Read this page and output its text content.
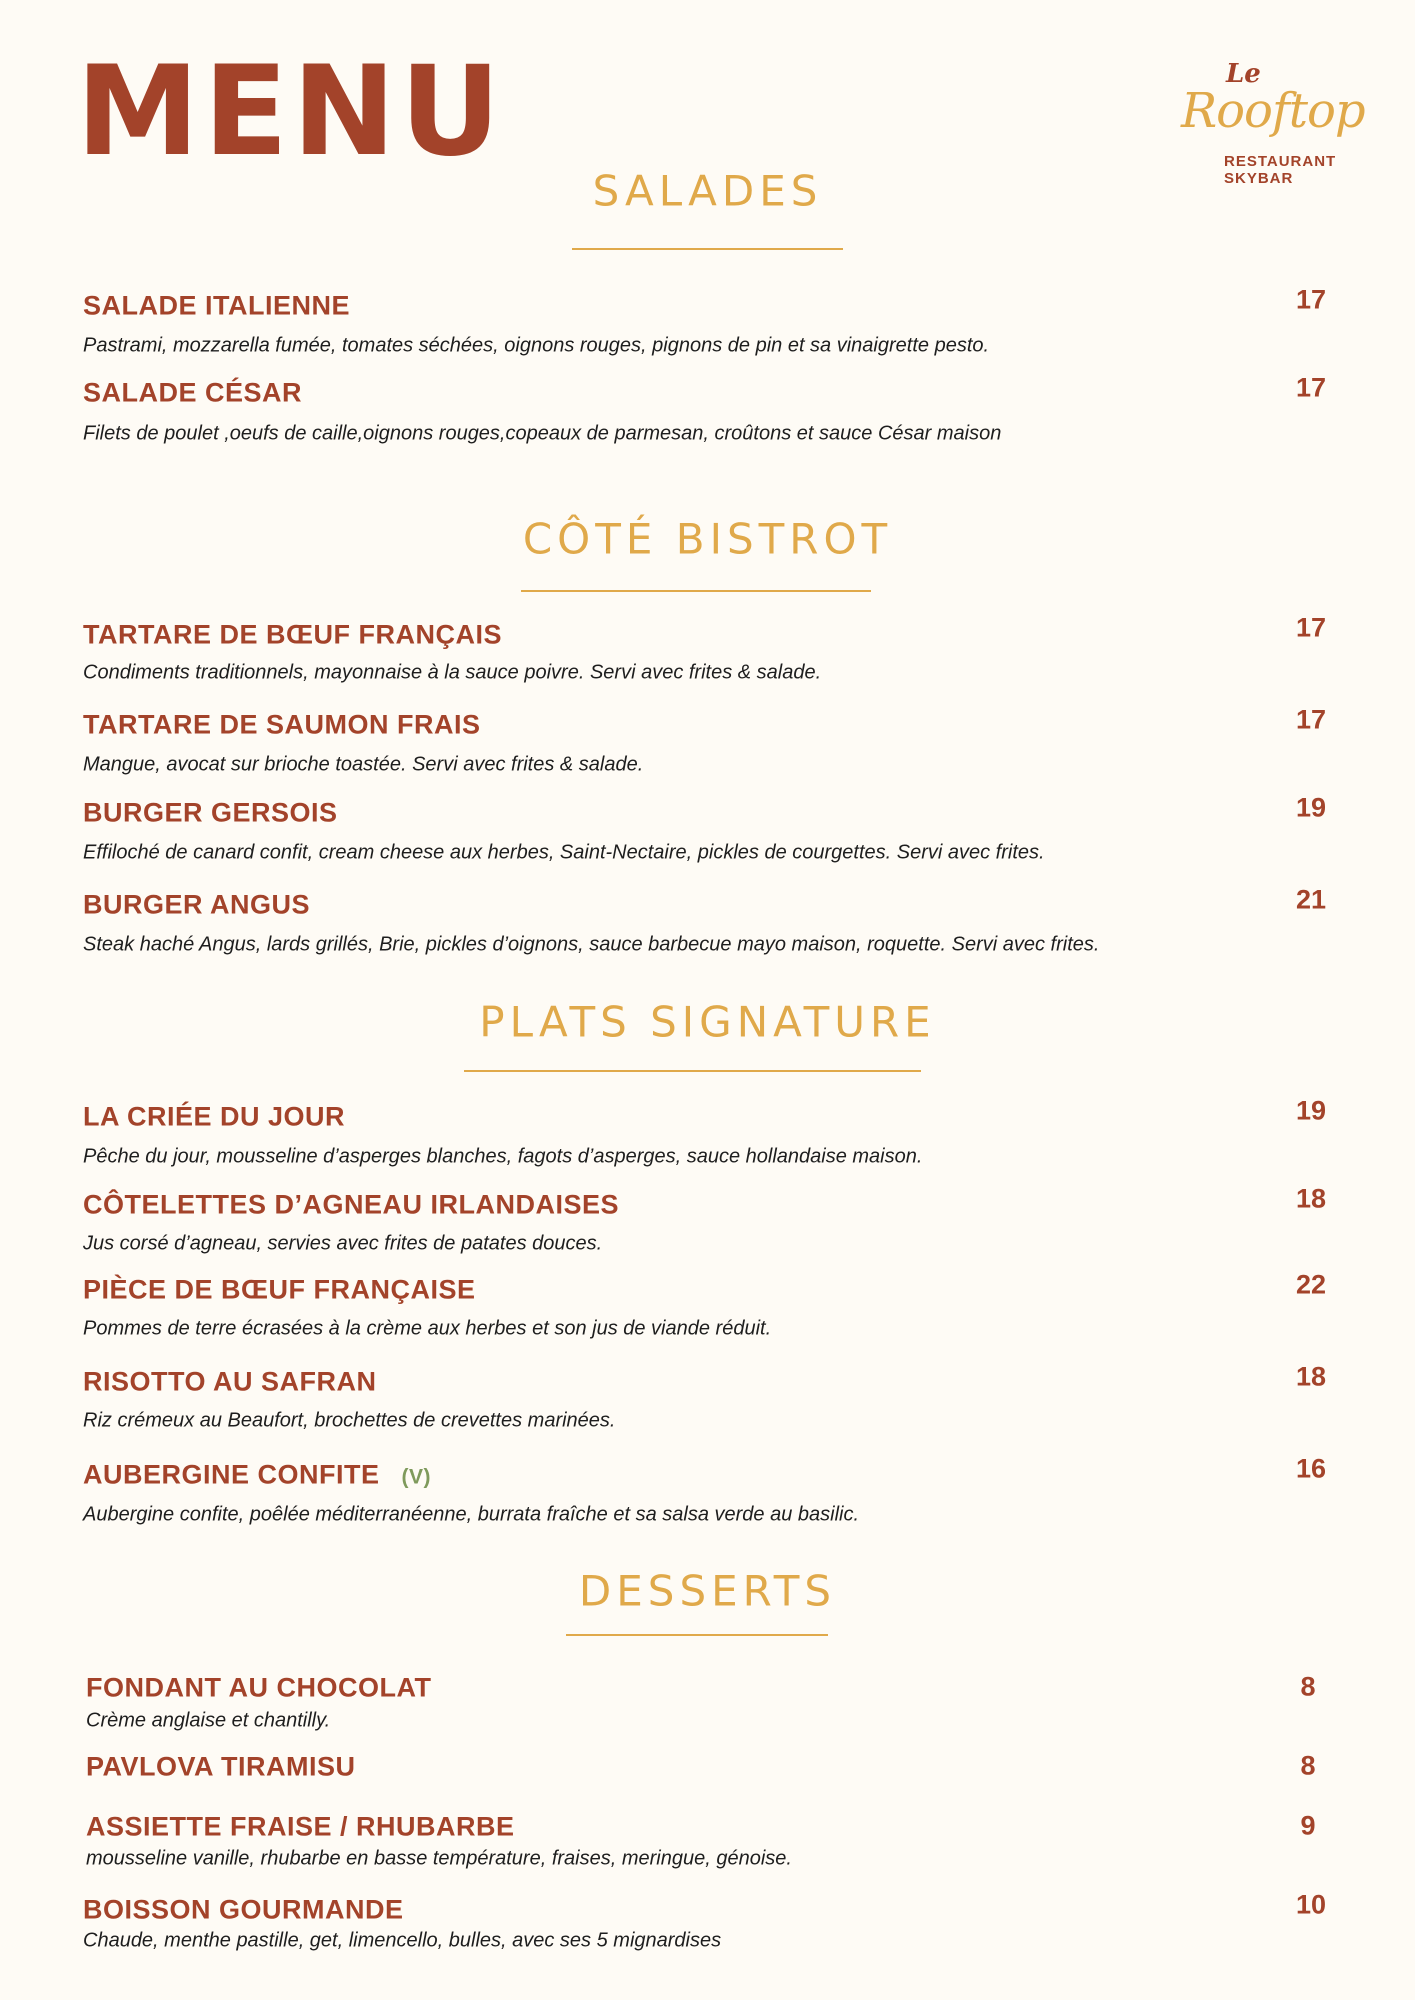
MENU	Le
Rooftop
RESTAURANT
SKYBAR
SALADES
SALADE ITALIENNE
Pastrami, mozzarella fumée, tomates séchées, oignons rouges, pignons de pin et sa vinaigrette pesto.
17
SALADE CÉSAR
Filets de poulet ,oeufs de caille,oignons rouges,copeaux de parmesan, croûtons et sauce César maison
17
CÔTÉ BISTROT
TARTARE DE BŒUF FRANÇAIS
Condiments traditionnels, mayonnaise à la sauce poivre. Servi avec frites & salade.
17
TARTARE DE SAUMON FRAIS
Mangue, avocat sur brioche toastée. Servi avec frites & salade.
17
BURGER GERSOIS
Effiloché de canard confit, cream cheese aux herbes, Saint-Nectaire, pickles de courgettes. Servi avec frites.
19
BURGER ANGUS
Steak haché Angus, lards grillés, Brie, pickles d’oignons, sauce barbecue mayo maison, roquette. Servi avec frites.
21
PLATS SIGNATURE
LA CRIÉE DU JOUR
Pêche du jour, mousseline d’asperges blanches, fagots d’asperges, sauce hollandaise maison.
19
CÔTELETTES D’AGNEAU IRLANDAISES
Jus corsé d’agneau, servies avec frites de patates douces.
18
PIÈCE DE BŒUF FRANÇAISE
Pommes de terre écrasées à la crème aux herbes et son jus de viande réduit.
22
RISOTTO AU SAFRAN
Riz crémeux au Beaufort, brochettes de crevettes marinées.
18
AUBERGINE CONFITE (V)
Aubergine confite, poêlée méditerranéenne, burrata fraîche et sa salsa verde au basilic.
16
DESSERTS
FONDANT AU CHOCOLAT
Crème anglaise et chantilly.
8
PAVLOVA TIRAMISU	8
ASSIETTE FRAISE / RHUBARBE
mousseline vanille, rhubarbe en basse température, fraises, meringue, génoise.
9
BOISSON GOURMANDE
Chaude, menthe pastille, get, limencello, bulles, avec ses 5 mignardises
10
